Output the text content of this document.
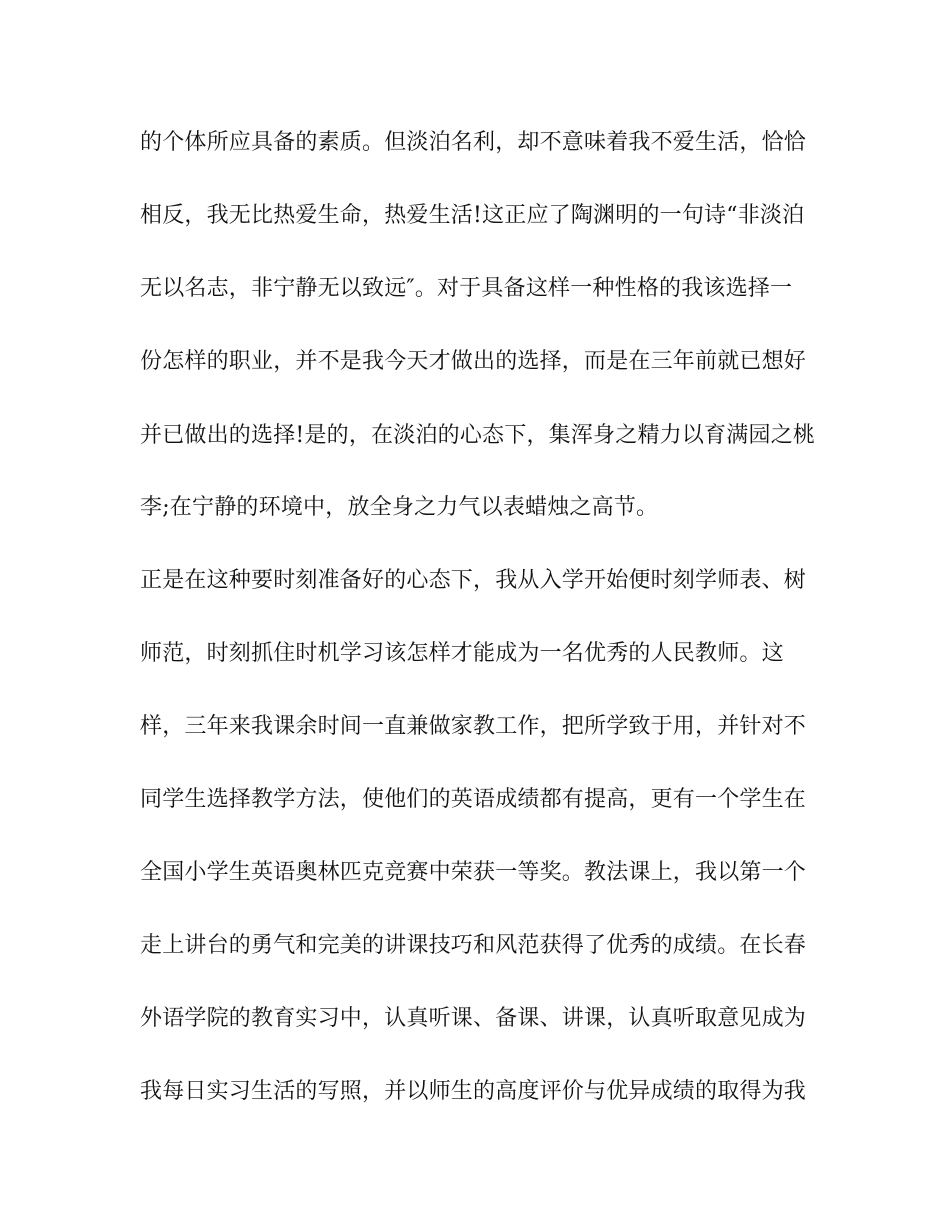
的个体所应具备的素质。但淡泊名利，却不意味着我不爱生活，恰恰
相反，我无比热爱生命，热爱生活!这正应了陶渊明的一句诗“非淡泊
无以名志，非宁静无以致远″。对于具备这样一种性格的我该选择一
份怎样的职业，并不是我今天才做出的选择，而是在三年前就已想好
并已做出的选择!是的，在淡泊的心态下，集浑身之精力以育满园之桃
李;在宁静的环境中，放全身之力气以表蜡烛之高节。
正是在这种要时刻准备好的心态下，我从入学开始便时刻学师表、树
师范，时刻抓住时机学习该怎样才能成为一名优秀的人民教师。这
样，三年来我课余时间一直兼做家教工作，把所学致于用，并针对不
同学生选择教学方法，使他们的英语成绩都有提高，更有一个学生在
全国小学生英语奥林匹克竞赛中荣获一等奖。教法课上，我以第一个
走上讲台的勇气和完美的讲课技巧和风范获得了优秀的成绩。在长春
外语学院的教育实习中，认真听课、备课、讲课，认真听取意见成为
我每日实习生活的写照，并以师生的高度评价与优异成绩的取得为我
